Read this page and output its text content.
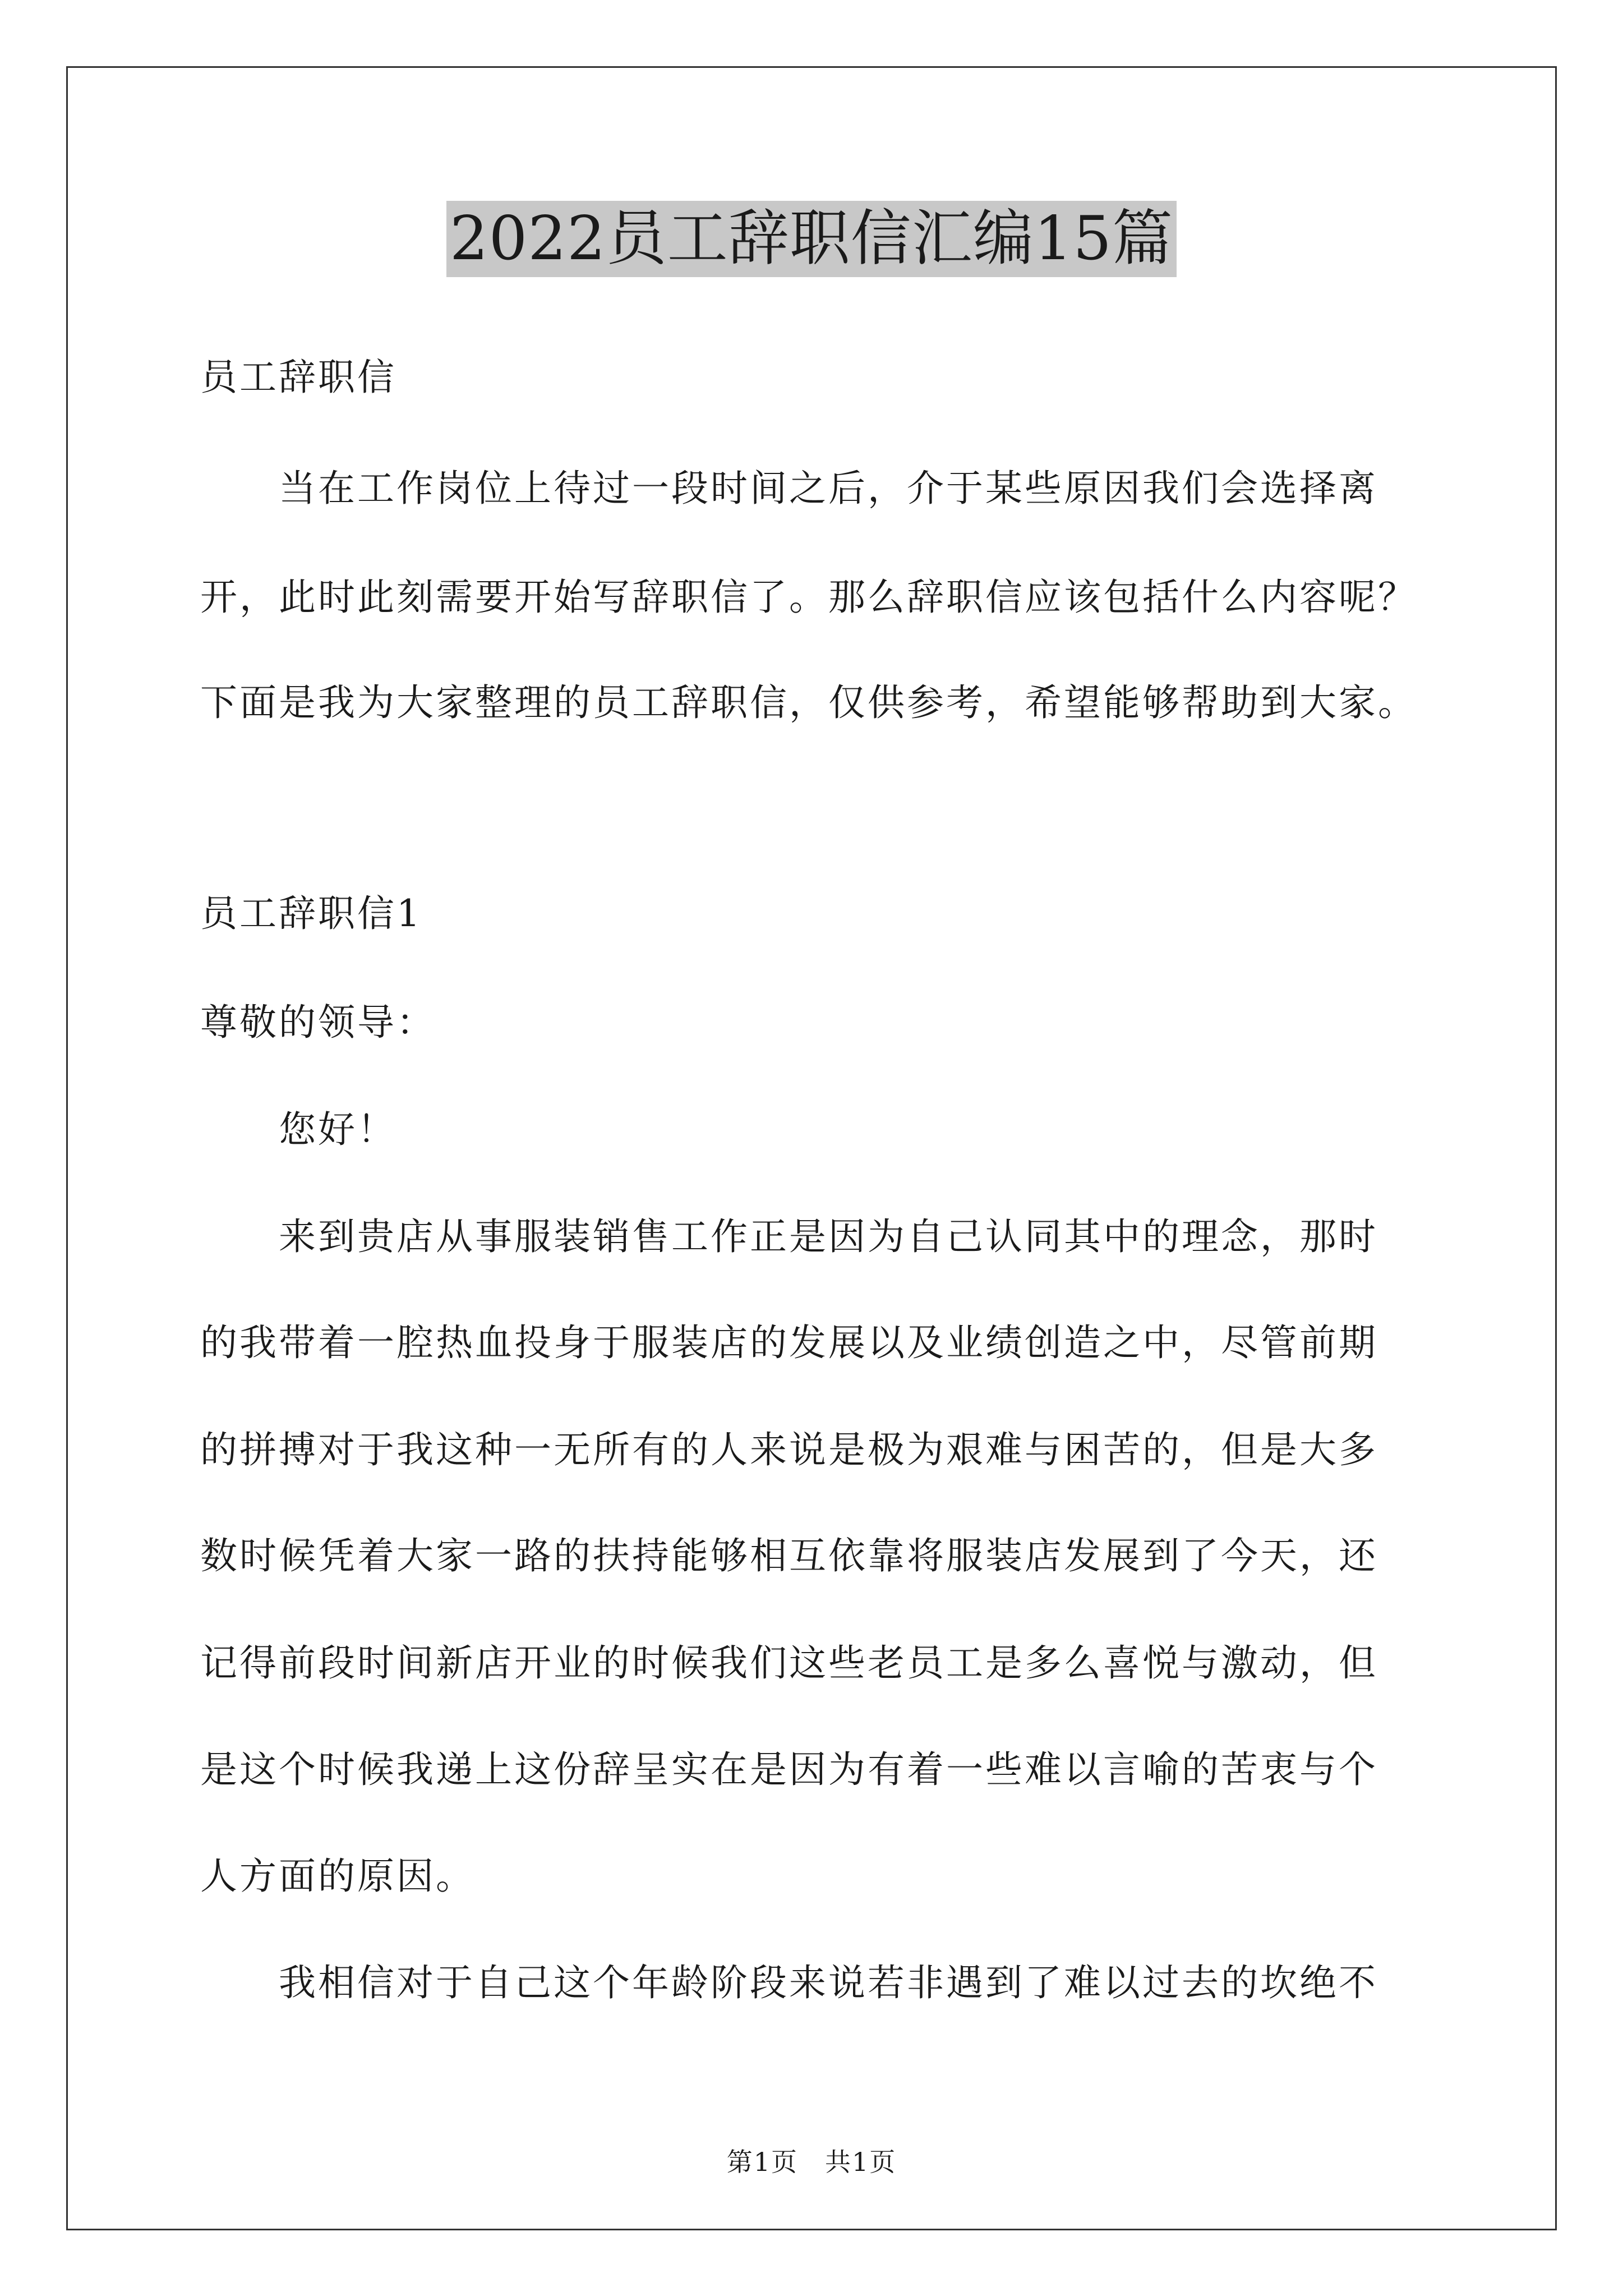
2022员工辞职信汇编15篇
员工辞职信
　　当在工作岗位上待过一段时间之后，介于某些原因我们会选择离
开，此时此刻需要开始写辞职信了。那么辞职信应该包括什么内容呢？
下面是我为大家整理的员工辞职信，仅供参考，希望能够帮助到大家。
员工辞职信1
尊敬的领导：
　　您好！
　　来到贵店从事服装销售工作正是因为自己认同其中的理念，那时
的我带着一腔热血投身于服装店的发展以及业绩创造之中，尽管前期
的拼搏对于我这种一无所有的人来说是极为艰难与困苦的，但是大多
数时候凭着大家一路的扶持能够相互依靠将服装店发展到了今天，还
记得前段时间新店开业的时候我们这些老员工是多么喜悦与激动，但
是这个时候我递上这份辞呈实在是因为有着一些难以言喻的苦衷与个
人方面的原因。
　　我相信对于自己这个年龄阶段来说若非遇到了难以过去的坎绝不
第1页　共1页
